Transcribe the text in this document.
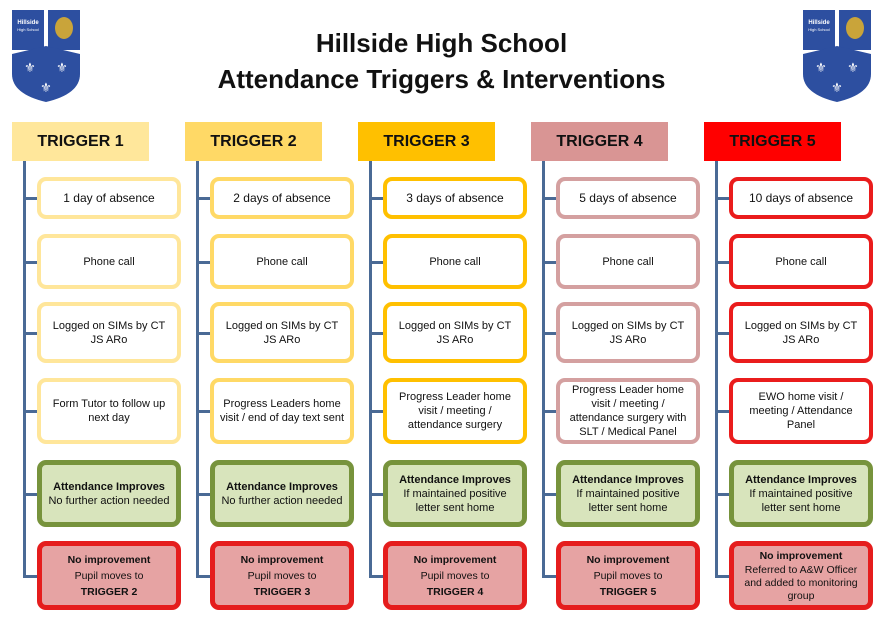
Hillside High School
Attendance Triggers & Interventions
Hillside
High School
⚜ ⚜
⚜
Hillside
High School
⚜ ⚜
⚜
TRIGGER 1
1 day of absence
Phone call
Logged on SIMs by CT JS ARo
Form Tutor to follow up next day
Attendance Improves
No further action needed
No improvement
Pupil moves to
TRIGGER 2
TRIGGER 2
2 days of absence
Phone call
Logged on SIMs by CT JS ARo
Progress Leaders home visit / end of day text sent
Attendance Improves
No further action needed
No improvement
Pupil moves to
TRIGGER 3
TRIGGER 3
3 days of absence
Phone call
Logged on SIMs by CT JS ARo
Progress Leader home visit / meeting / attendance surgery
Attendance Improves
If maintained positive letter sent home
No improvement
Pupil moves to
TRIGGER 4
TRIGGER 4
5 days of absence
Phone call
Logged on SIMs by CT JS ARo
Progress Leader home visit / meeting / attendance surgery with SLT / Medical Panel
Attendance Improves
If maintained positive letter sent home
No improvement
Pupil moves to
TRIGGER 5
TRIGGER 5
10 days of absence
Phone call
Logged on SIMs by CT JS ARo
EWO home visit / meeting / Attendance Panel
Attendance Improves
If maintained positive letter sent home
No improvement
Referred to A&W Officer and added to monitoring group
